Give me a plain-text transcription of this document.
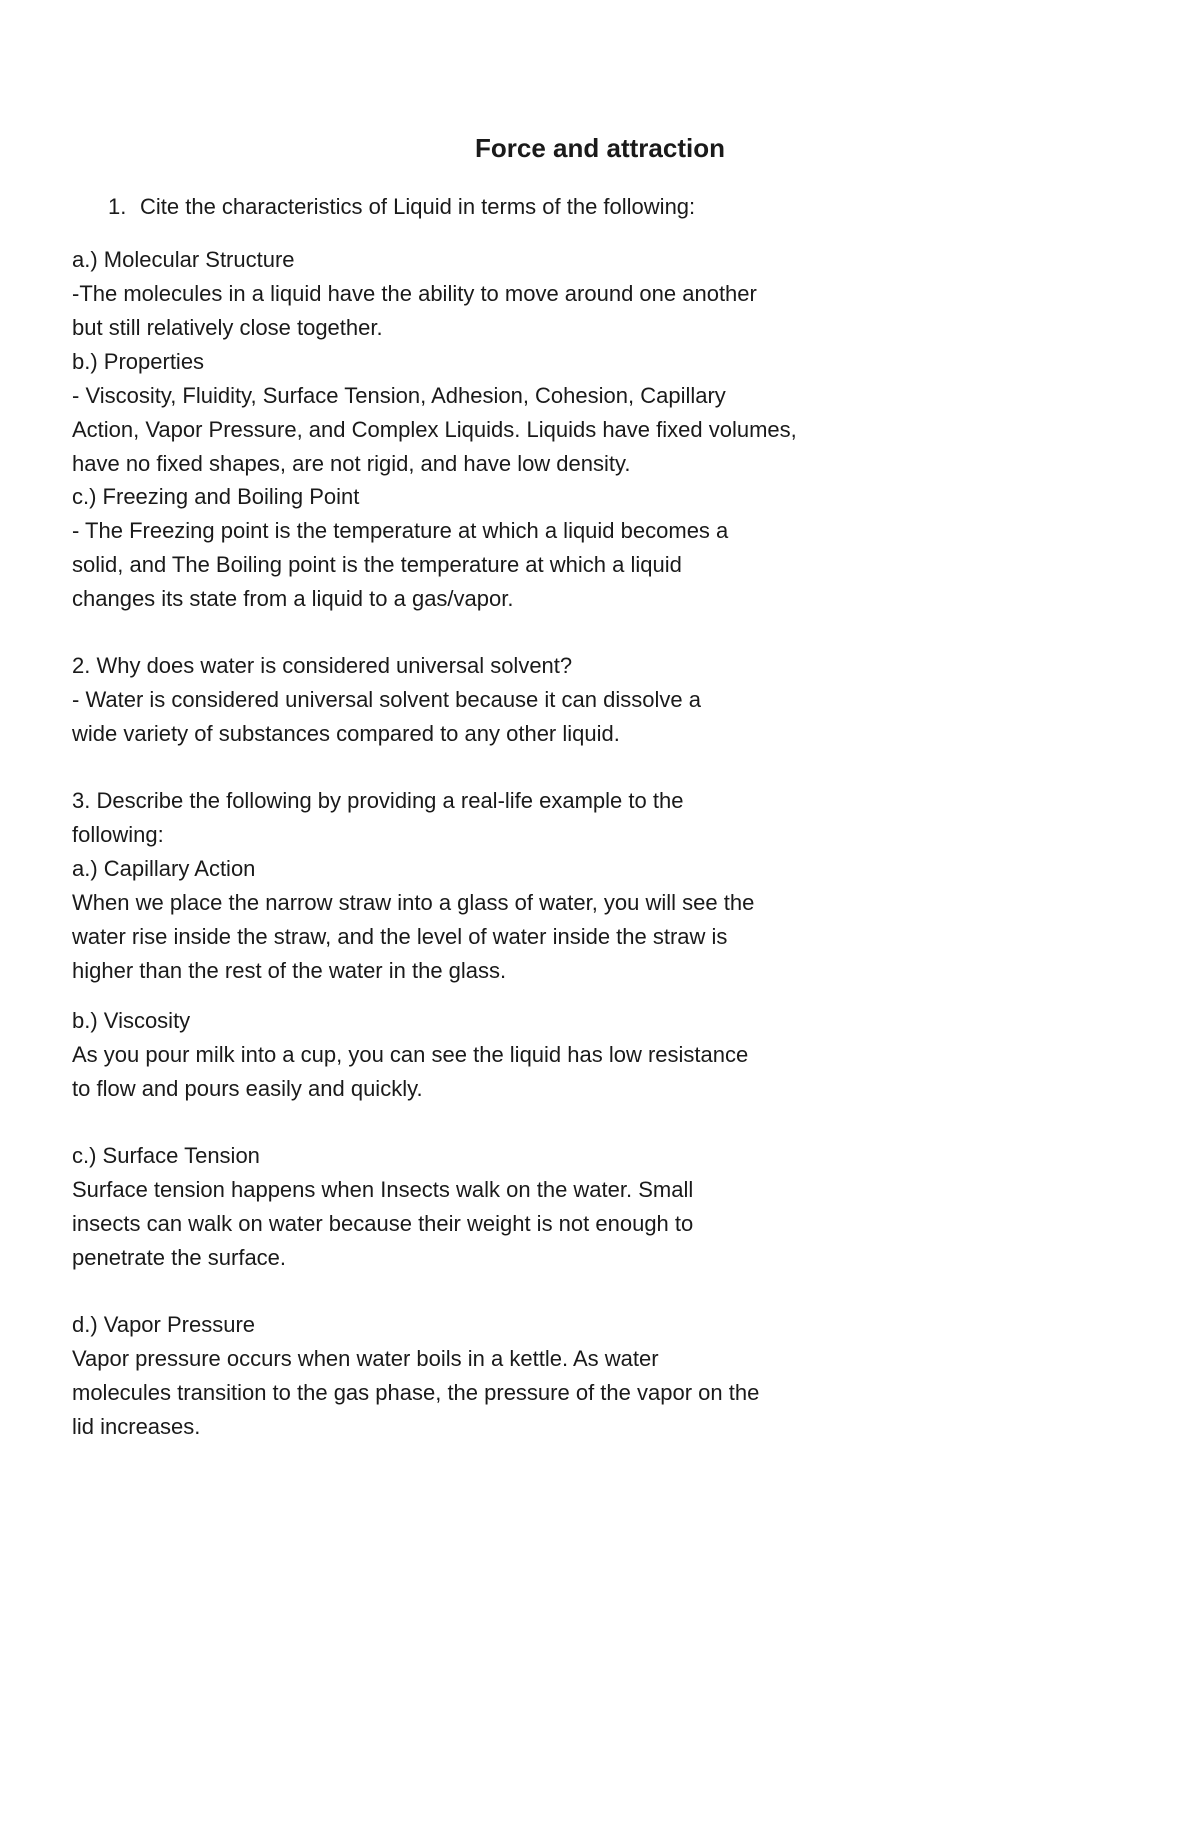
Force and attraction
1. Cite the characteristics of Liquid in terms of the following:
a.) Molecular Structure
-The molecules in a liquid have the ability to move around one another
but still relatively close together.
b.) Properties
- Viscosity, Fluidity, Surface Tension, Adhesion, Cohesion, Capillary
Action, Vapor Pressure, and Complex Liquids. Liquids have fixed volumes,
have no fixed shapes, are not rigid, and have low density.
c.) Freezing and Boiling Point
- The Freezing point is the temperature at which a liquid becomes a
solid, and The Boiling point is the temperature at which a liquid
changes its state from a liquid to a gas/vapor.
2. Why does water is considered universal solvent?
- Water is considered universal solvent because it can dissolve a
wide variety of substances compared to any other liquid.
3. Describe the following by providing a real-life example to the
following:
a.) Capillary Action
When we place the narrow straw into a glass of water, you will see the
water rise inside the straw, and the level of water inside the straw is
higher than the rest of the water in the glass.
b.) Viscosity
As you pour milk into a cup, you can see the liquid has low resistance
to flow and pours easily and quickly.
c.) Surface Tension
Surface tension happens when Insects walk on the water. Small
insects can walk on water because their weight is not enough to
penetrate the surface.
d.) Vapor Pressure
Vapor pressure occurs when water boils in a kettle. As water
molecules transition to the gas phase, the pressure of the vapor on the
lid increases.
